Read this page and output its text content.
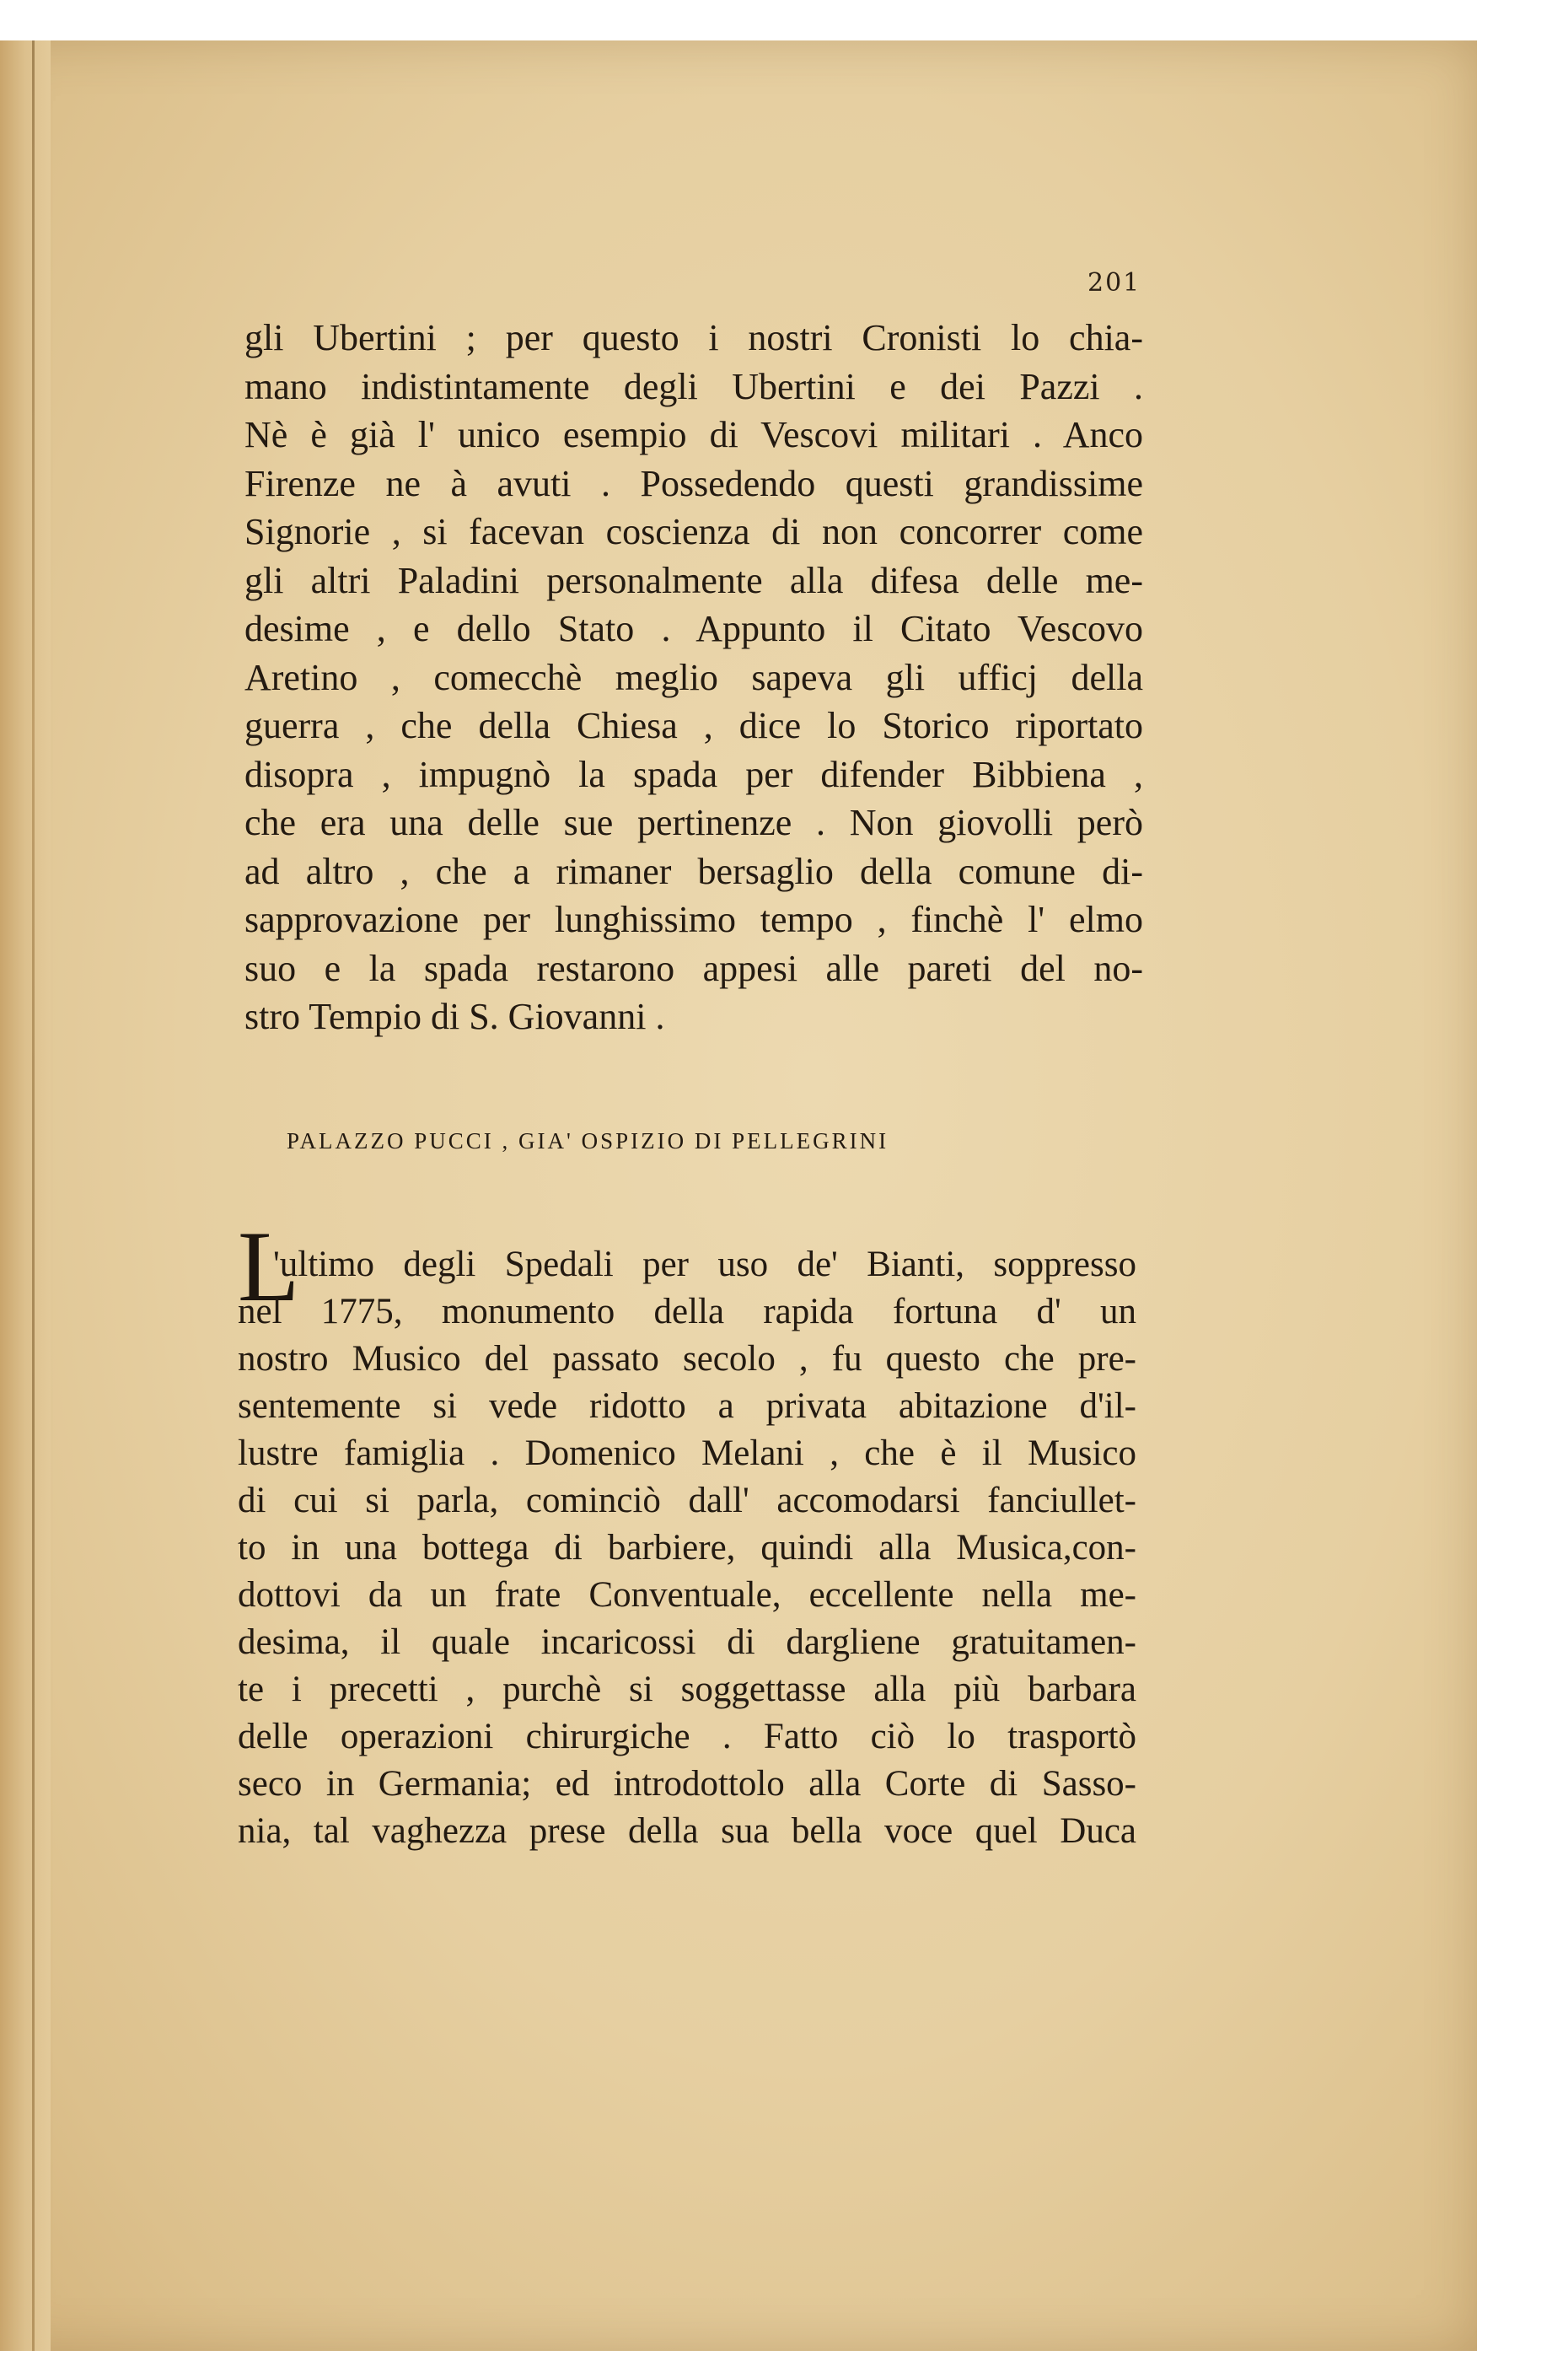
201
gli Ubertini ; per questo i nostri Cronisti lo chia-
mano indistintamente degli Ubertini e dei Pazzi .
Nè è già l' unico esempio di Vescovi militari . Anco
Firenze ne à avuti . Possedendo questi grandissime
Signorie , si facevan coscienza di non concorrer come
gli altri Paladini personalmente alla difesa delle me-
desime , e dello Stato . Appunto il Citato Vescovo
Aretino , comecchè meglio sapeva gli ufficj della
guerra , che della Chiesa , dice lo Storico riportato
disopra , impugnò la spada per difender Bibbiena ,
che era una delle sue pertinenze . Non giovolli però
ad altro , che a rimaner bersaglio della comune di-
sapprovazione per lunghissimo tempo , finchè l' elmo
suo e la spada restarono appesi alle pareti del no-
stro Tempio di S. Giovanni .
PALAZZO PUCCI , GIA' OSPIZIO DI PELLEGRINI
L
'ultimo degli Spedali per uso de' Bianti, soppresso
nel 1775, monumento della rapida fortuna d' un
nostro Musico del passato secolo , fu questo che pre-
sentemente si vede ridotto a privata abitazione d'il-
lustre famiglia . Domenico Melani , che è il Musico
di cui si parla, cominciò dall' accomodarsi fanciullet-
to in una bottega di barbiere, quindi alla Musica,con-
dottovi da un frate Conventuale, eccellente nella me-
desima, il quale incaricossi di dargliene gratuitamen-
te i precetti , purchè si soggettasse alla più barbara
delle operazioni chirurgiche . Fatto ciò lo trasportò
seco in Germania; ed introdottolo alla Corte di Sasso-
nia, tal vaghezza prese della sua bella voce quel Duca
